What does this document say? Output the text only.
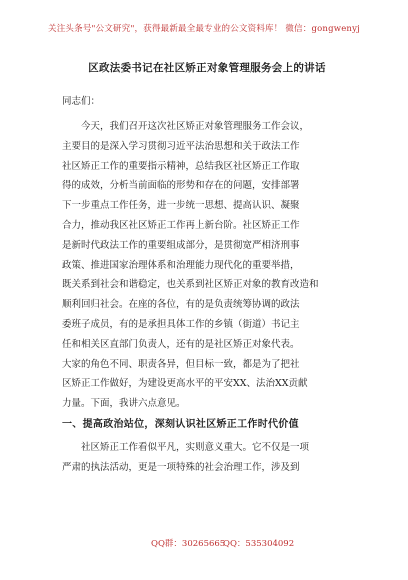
关注头条号"公文研究"，获得最新最全最专业的公文资料库！ 微信：gongwenyj
区政法委书记在社区矫正对象管理服务会上的讲话
同志们：
　　今天，我们召开这次社区矫正对象管理服务工作会议，
主要目的是深入学习贯彻习近平法治思想和关于政法工作
社区矫正工作的重要指示精神，总结我区社区矫正工作取
得的成效，分析当前面临的形势和存在的问题，安排部署
下一步重点工作任务，进一步统一思想、提高认识、凝聚
合力，推动我区社区矫正工作再上新台阶。社区矫正工作
是新时代政法工作的重要组成部分，是贯彻宽严相济刑事
政策、推进国家治理体系和治理能力现代化的重要举措，
既关系到社会和谐稳定，也关系到社区矫正对象的教育改造和
顺利回归社会。在座的各位，有的是负责统筹协调的政法
委班子成员，有的是承担具体工作的乡镇（街道）书记主
任和相关区直部门负责人，还有的是社区矫正对象代表。
大家的角色不同、职责各异，但目标一致，都是为了把社
区矫正工作做好，为建设更高水平的平安XX、法治XX贡献
力量。下面，我讲六点意见。
一、提高政治站位，深刻认识社区矫正工作时代价值
　　社区矫正工作看似平凡，实则意义重大。它不仅是一项
严肃的执法活动，更是一项特殊的社会治理工作，涉及到
QQ群：30265665
QQ：535304092
